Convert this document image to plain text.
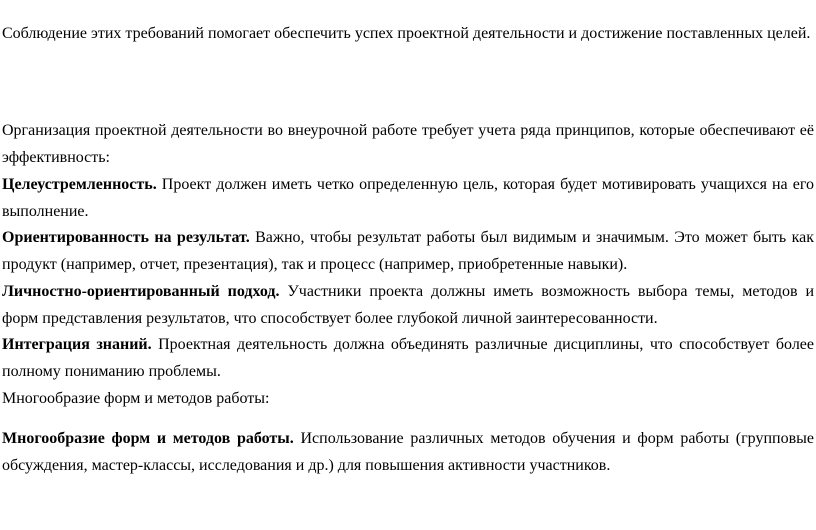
Соблюдение этих требований помогает обеспечить успех проектной деятельности и достижение поставленных целей.

Организация проектной деятельности во внеурочной работе требует учета ряда принципов, которые обеспечивают её эффективность:

Целеустремленность. Проект должен иметь четко определенную цель, которая будет мотивировать учащихся на его выполнение.

Ориентированность на результат. Важно, чтобы результат работы был видимым и значимым. Это может быть как продукт (например, отчет, презентация), так и процесс (например, приобретенные навыки).

Личностно-ориентированный подход. Участники проекта должны иметь возможность выбора темы, методов и форм представления результатов, что способствует более глубокой личной заинтересованности.

Интеграция знаний. Проектная деятельность должна объединять различные дисциплины, что способствует более полному пониманию проблемы.

Многообразие форм и методов работы:

Многообразие форм и методов работы. Использование различных методов обучения и форм работы (групповые обсуждения, мастер-классы, исследования и др.) для повышения активности участников.
